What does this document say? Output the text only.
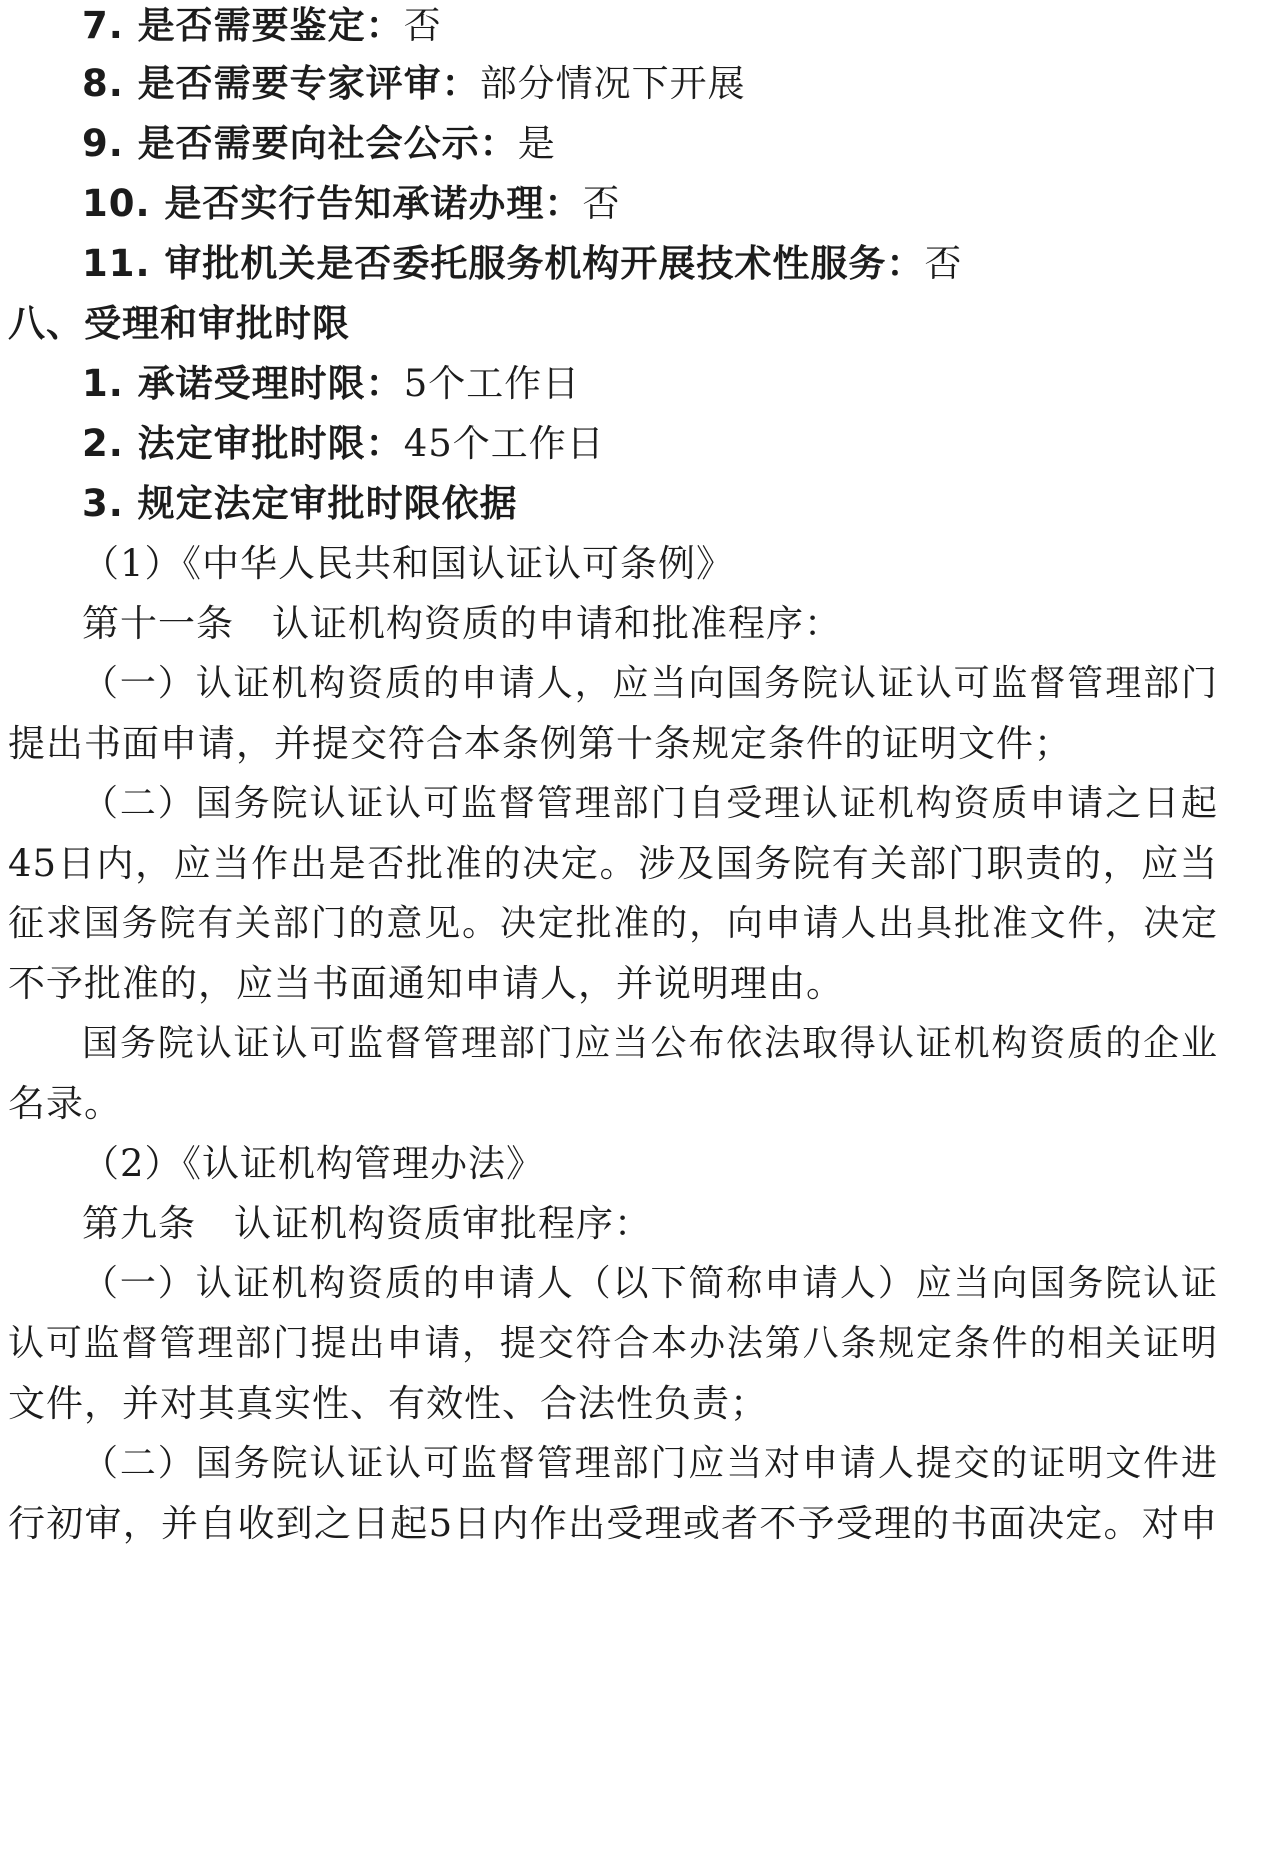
7. 是否需要鉴定：否
8. 是否需要专家评审：部分情况下开展
9. 是否需要向社会公示：是
10. 是否实行告知承诺办理：否
11. 审批机关是否委托服务机构开展技术性服务：否
八、受理和审批时限
1. 承诺受理时限：5个工作日
2. 法定审批时限：45个工作日
3. 规定法定审批时限依据
（1）《中华人民共和国认证认可条例》
第十一条　认证机构资质的申请和批准程序：
（一）认证机构资质的申请人，应当向国务院认证认可监督管理部门
提出书面申请，并提交符合本条例第十条规定条件的证明文件；
（二）国务院认证认可监督管理部门自受理认证机构资质申请之日起
45日内，应当作出是否批准的决定。涉及国务院有关部门职责的，应当
征求国务院有关部门的意见。决定批准的，向申请人出具批准文件，决定
不予批准的，应当书面通知申请人，并说明理由。
国务院认证认可监督管理部门应当公布依法取得认证机构资质的企业
名录。
（2）《认证机构管理办法》
第九条　认证机构资质审批程序：
（一）认证机构资质的申请人（以下简称申请人）应当向国务院认证
认可监督管理部门提出申请，提交符合本办法第八条规定条件的相关证明
文件，并对其真实性、有效性、合法性负责；
（二）国务院认证认可监督管理部门应当对申请人提交的证明文件进
行初审，并自收到之日起5日内作出受理或者不予受理的书面决定。对申
